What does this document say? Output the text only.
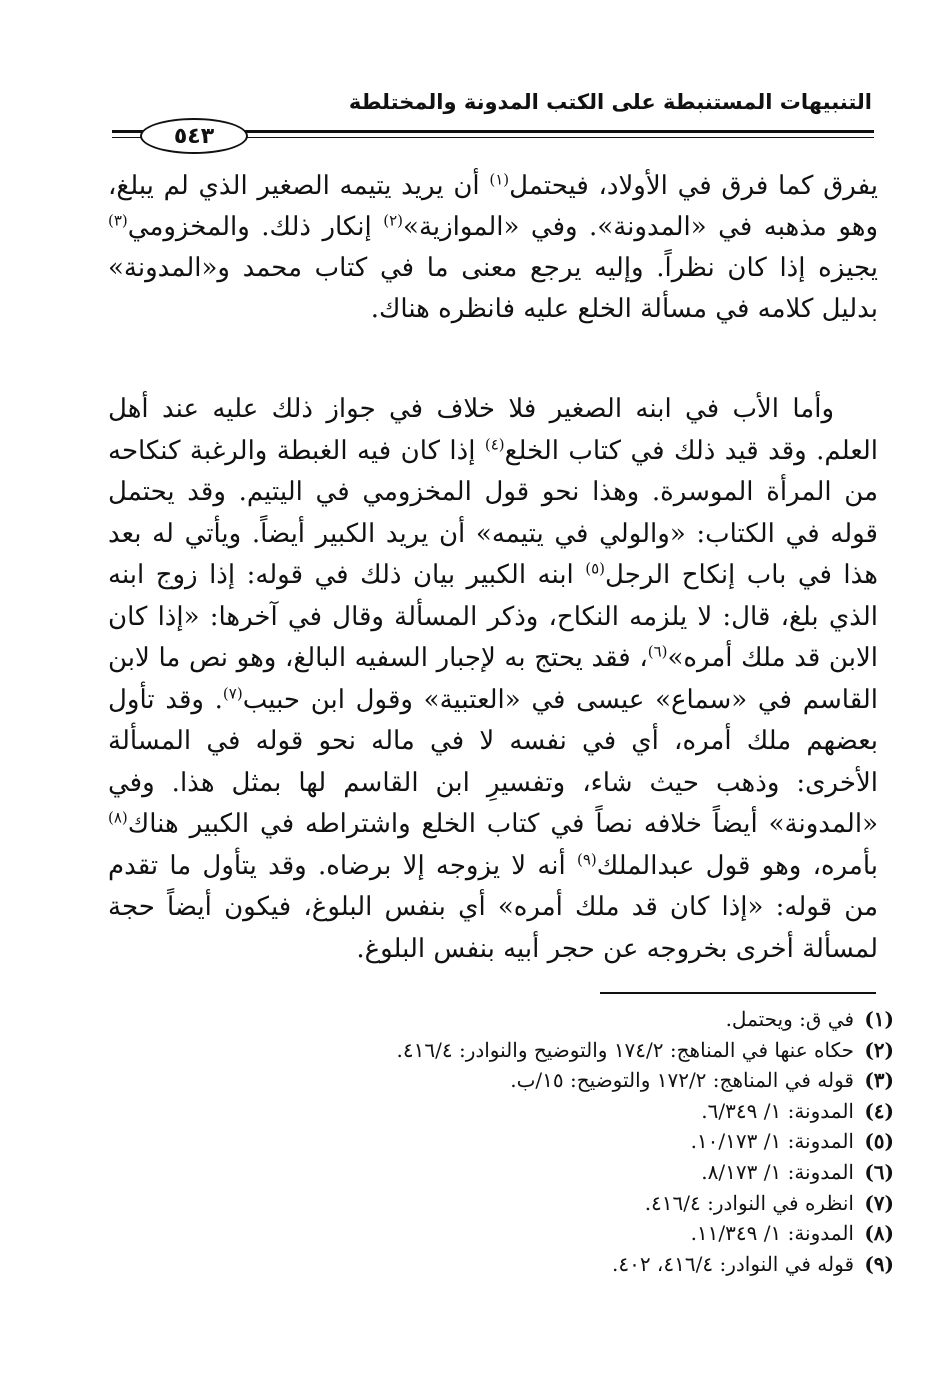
التنبيهات المستنبطة على الكتب المدونة والمختلطة
٥٤٣

يفرق كما فرق في الأولاد، فيحتمل$^{(١)}$ أن يريد يتيمه الصغير الذي لم يبلغ، وهو مذهبه في «المدونة». وفي «الموازية»$^{(٢)}$ إنكار ذلك. والمخزومي$^{(٣)}$ يجيزه إذا كان نظراً. وإليه يرجع معنى ما في كتاب محمد و«المدونة» بدليل كلامه في مسألة الخلع عليه فانظره هناك.

وأما الأب في ابنه الصغير فلا خلاف في جواز ذلك عليه عند أهل العلم. وقد قيد ذلك في كتاب الخلع$^{(٤)}$ إذا كان فيه الغبطة والرغبة كنكاحه من المرأة الموسرة. وهذا نحو قول المخزومي في اليتيم. وقد يحتمل قوله في الكتاب: «والولي في يتيمه» أن يريد الكبير أيضاً. ويأتي له بعد هذا في باب إنكاح الرجل$^{(٥)}$ ابنه الكبير بيان ذلك في قوله: إذا زوج ابنه الذي بلغ، قال: لا يلزمه النكاح، وذكر المسألة وقال في آخرها: «إذا كان الابن قد ملك أمره»$^{(٦)}$، فقد يحتج به لإجبار السفيه البالغ، وهو نص ما لابن القاسم في «سماع» عيسى في «العتبية» وقول ابن حبيب$^{(٧)}$. وقد تأول بعضهم ملك أمره، أي في نفسه لا في ماله نحو قوله في المسألة الأخرى: وذهب حيث شاء، وتفسيرِ ابن القاسم لها بمثل هذا. وفي «المدونة» أيضاً خلافه نصاً في كتاب الخلع واشتراطه في الكبير هناك$^{(٨)}$ بأمره، وهو قول عبدالملك$^{(٩)}$ أنه لا يزوجه إلا برضاه. وقد يتأول ما تقدم من قوله: «إذا كان قد ملك أمره» أي بنفس البلوغ، فيكون أيضاً حجة لمسألة أخرى بخروجه عن حجر أبيه بنفس البلوغ.

(١)في ق: ويحتمل.
(٢)حكاه عنها في المناهج: ١٧٤/٢ والتوضيح والنوادر: ٤١٦/٤.
(٣)قوله في المناهج: ١٧٢/٢ والتوضيح: ١٥/ب.
(٤)المدونة: ١/ ٦/٣٤٩.
(٥)المدونة: ١/ ١٠/١٧٣.
(٦)المدونة: ١/ ٨/١٧٣.
(٧)انظره في النوادر: ٤١٦/٤.
(٨)المدونة: ١/ ١١/٣٤٩.
(٩)قوله في النوادر: ٤١٦/٤، ٤٠٢.
